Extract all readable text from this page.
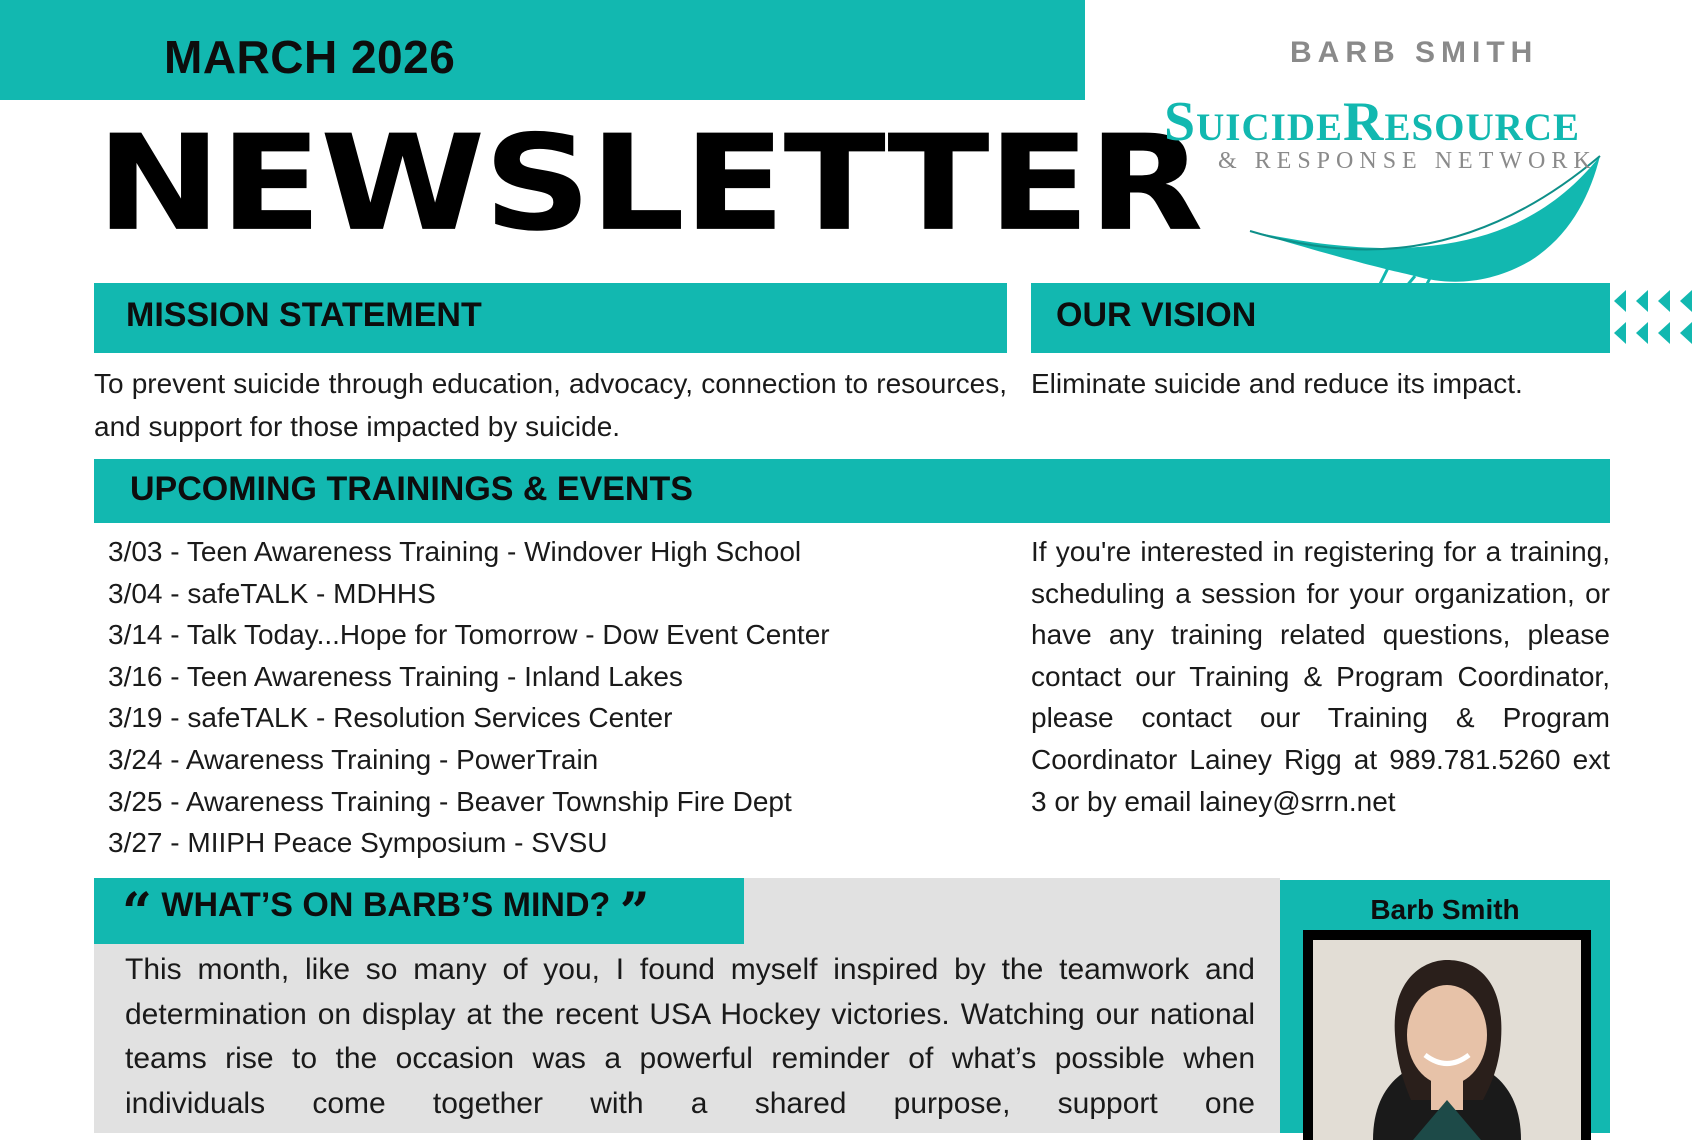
MARCH 2026
NEWSLETTER
BARB SMITH
SuicideResource
& RESPONSE NETWORK
MISSION STATEMENT
To prevent suicide through education, advocacy, connection to resources, and support for those impacted by suicide.
OUR VISION
Eliminate suicide and reduce its impact.
UPCOMING TRAININGS & EVENTS
3/03 - Teen Awareness Training - Windover High School
3/04 - safeTALK - MDHHS
3/14 - Talk Today...Hope for Tomorrow - Dow Event Center
3/16 - Teen Awareness Training - Inland Lakes
3/19 - safeTALK - Resolution Services Center
3/24 - Awareness Training - PowerTrain
3/25 - Awareness Training - Beaver Township Fire Dept
3/27 - MIIPH Peace Symposium - SVSU
If you're interested in registering for a training, scheduling a session for your organization, or have any training related questions, please contact our Training & Program Coordinator, please contact our Training & Program Coordinator Lainey Rigg at 989.781.5260 ext 3 or by email lainey@srrn.net
“ WHAT’S ON BARB’S MIND? ”
This month, like so many of you, I found myself inspired by the teamwork and determination on display at the recent USA Hockey victories. Watching our national teams rise to the occasion was a powerful reminder of what’s possible when individuals come together with a shared purpose, support one
Barb Smith
